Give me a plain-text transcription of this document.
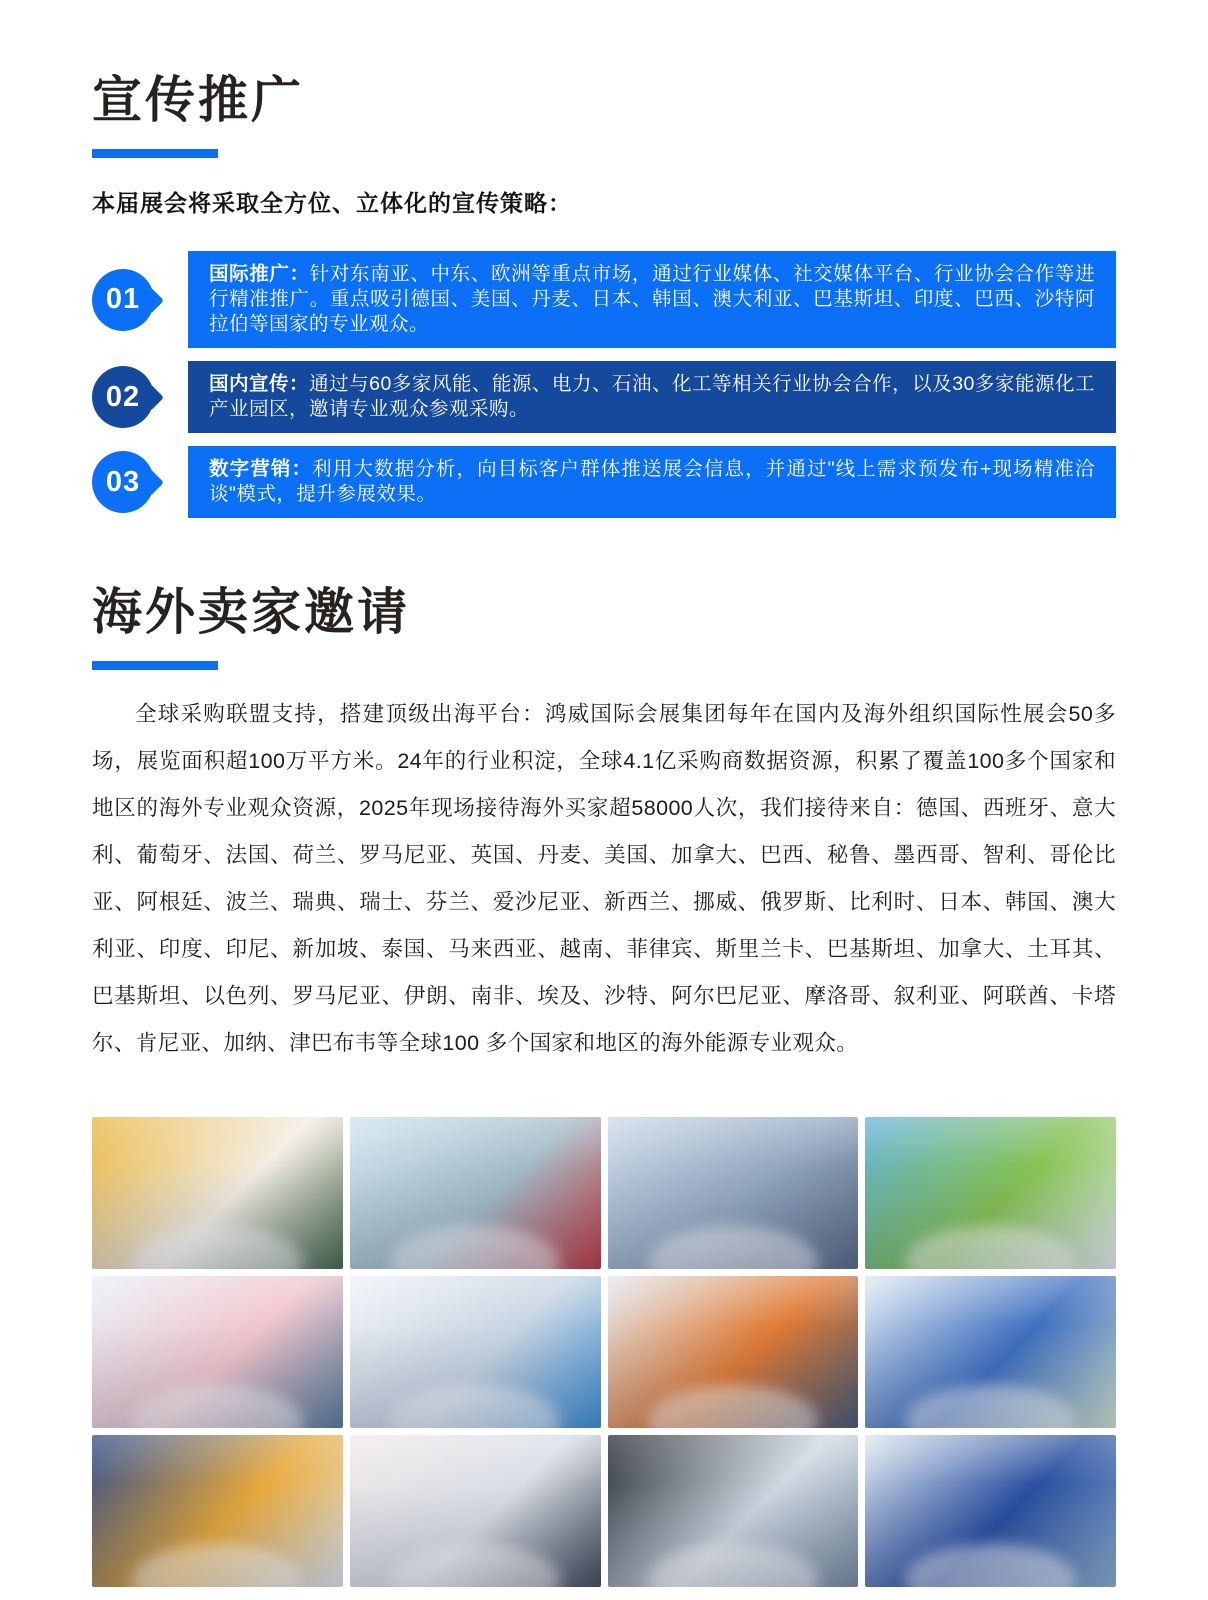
宣传推广

本届展会将采取全方位、立体化的宣传策略：

01

国际推广：针对东南亚、中东、欧洲等重点市场，通过行业媒体、社交媒体平台、行业协会合作等进行精准推广。重点吸引德国、美国、丹麦、日本、韩国、澳大利亚、巴基斯坦、印度、巴西、沙特阿拉伯等国家的专业观众。

02	国内宣传：通过与60多家风能、能源、电力、石油、化工等相关行业协会合作，以及30多家能源化工产业园区，邀请专业观众参观采购。

03	数字营销：利用大数据分析，向目标客户群体推送展会信息，并通过"线上需求预发布+现场精准洽谈"模式，提升参展效果。

海外卖家邀请

全球采购联盟支持，搭建顶级出海平台：鸿威国际会展集团每年在国内及海外组织国际性展会50多场，展览面积超100万平方米。24年的行业积淀，全球4.1亿采购商数据资源，积累了覆盖100多个国家和地区的海外专业观众资源，2025年现场接待海外买家超58000人次，我们接待来自：德国、西班牙、意大利、葡萄牙、法国、荷兰、罗马尼亚、英国、丹麦、美国、加拿大、巴西、秘鲁、墨西哥、智利、哥伦比亚、阿根廷、波兰、瑞典、瑞士、芬兰、爱沙尼亚、新西兰、挪威、俄罗斯、比利时、日本、韩国、澳大利亚、印度、印尼、新加坡、泰国、马来西亚、越南、菲律宾、斯里兰卡、巴基斯坦、加拿大、土耳其、巴基斯坦、以色列、罗马尼亚、伊朗、南非、埃及、沙特、阿尔巴尼亚、摩洛哥、叙利亚、阿联酋、卡塔尔、肯尼亚、加纳、津巴布韦等全球100 多个国家和地区的海外能源专业观众。
